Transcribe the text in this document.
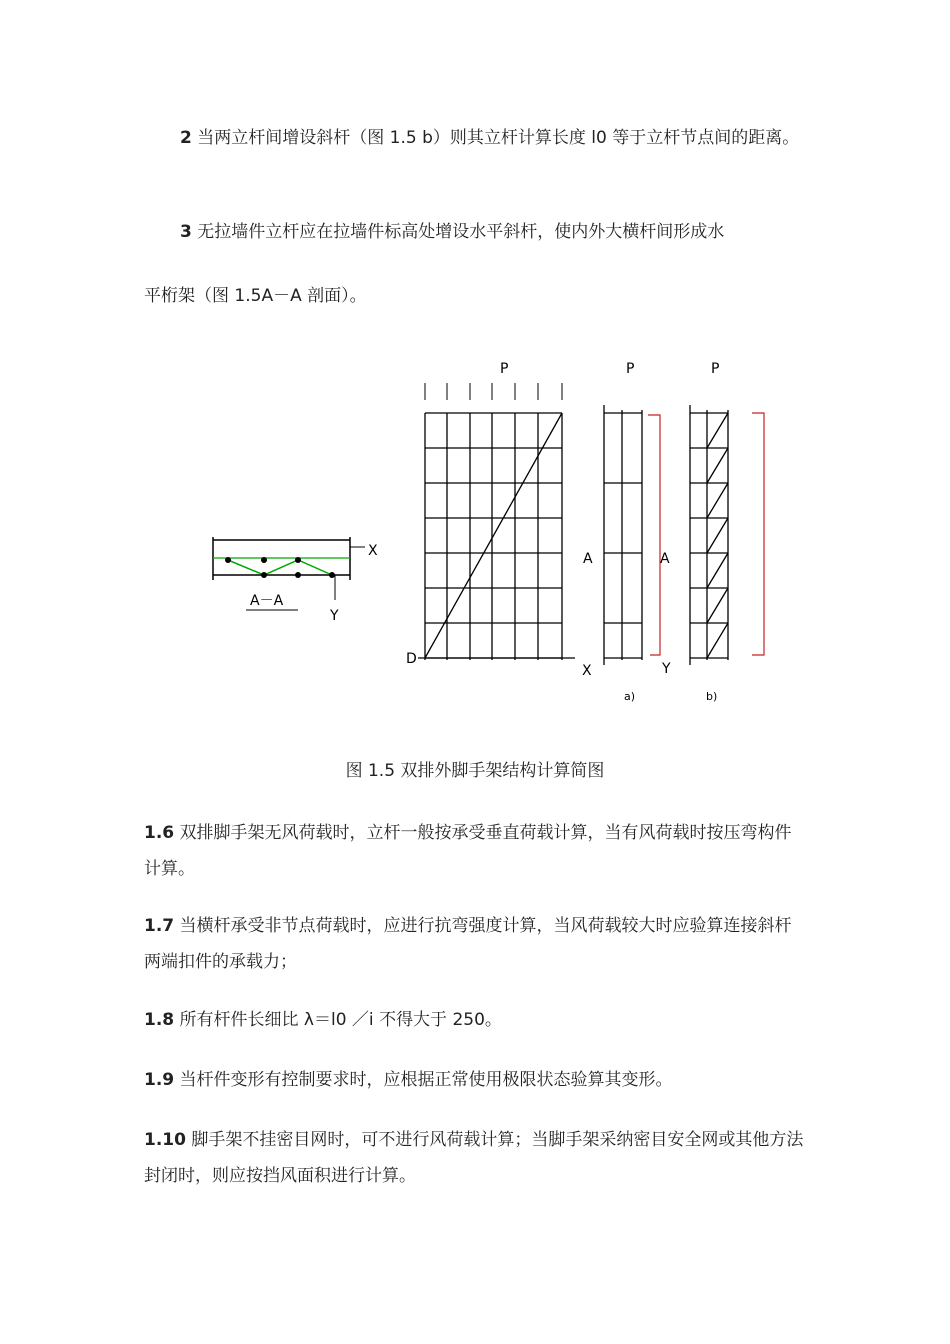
2 当两立杆间增设斜杆（图 1.5 b）则其立杆计算长度 l0 等于立杆节点间的距离。

3 无拉墙件立杆应在拉墙件标高处增设水平斜杆，使内外大横杆间形成水

平桁架（图 1.5A－A 剖面）。

A－A
X
Y
P
X
D
A
P
A
Y
a)
P
b)
图 1.5 双排外脚手架结构计算简图

1.6 双排脚手架无风荷载时，立杆一般按承受垂直荷载计算，当有风荷载时按压弯构件计算。

1.7 当横杆承受非节点荷载时，应进行抗弯强度计算，当风荷载较大时应验算连接斜杆两端扣件的承载力；

1.8 所有杆件长细比 λ＝l0 ／i 不得大于 250。

1.9 当杆件变形有控制要求时，应根据正常使用极限状态验算其变形。

1.10 脚手架不挂密目网时，可不进行风荷载计算；当脚手架采纳密目安全网或其他方法封闭时，则应按挡风面积进行计算。
